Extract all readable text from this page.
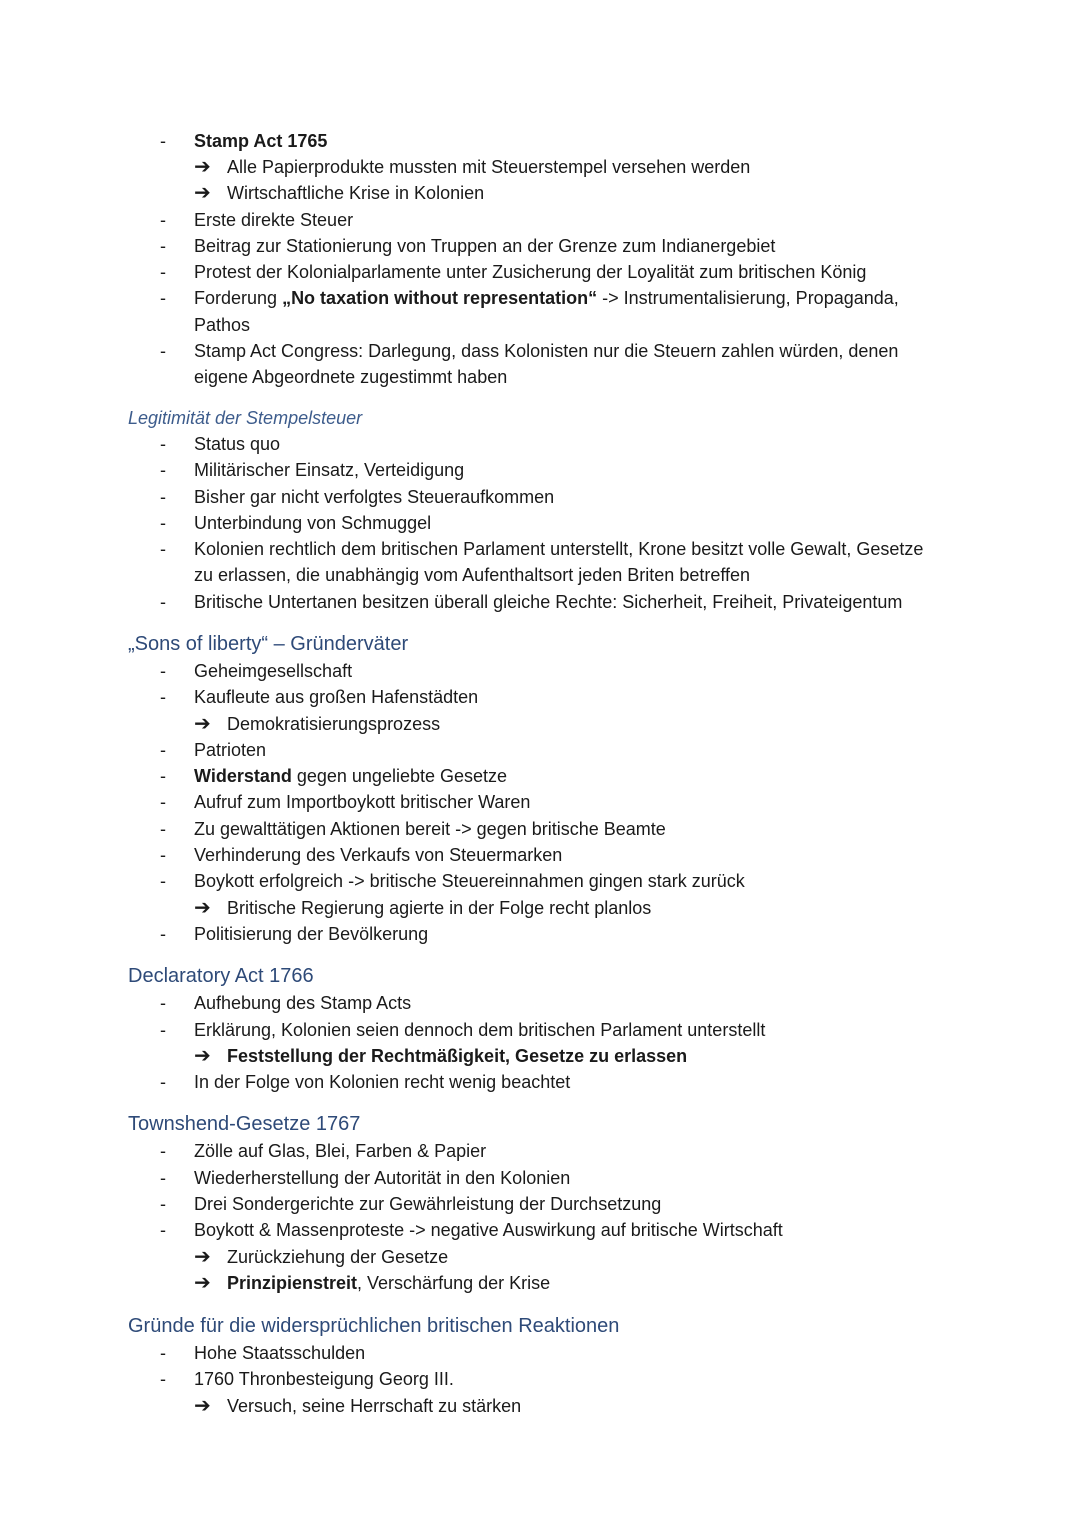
-	Stamp Act 1765
➔ Alle Papierprodukte mussten mit Steuerstempel versehen werden
➔ Wirtschaftliche Krise in Kolonien
-	Erste direkte Steuer
-	Beitrag zur Stationierung von Truppen an der Grenze zum Indianergebiet
-	Protest der Kolonialparlamente unter Zusicherung der Loyalität zum britischen König
-	Forderung „No taxation without representation“ -> Instrumentalisierung, Propaganda,
Pathos
-	Stamp Act Congress: Darlegung, dass Kolonisten nur die Steuern zahlen würden, denen
eigene Abgeordnete zugestimmt haben
Legitimität der Stempelsteuer
-	Status quo
-	Militärischer Einsatz, Verteidigung
-	Bisher gar nicht verfolgtes Steueraufkommen
-	Unterbindung von Schmuggel
-	Kolonien rechtlich dem britischen Parlament unterstellt, Krone besitzt volle Gewalt, Gesetze
zu erlassen, die unabhängig vom Aufenthaltsort jeden Briten betreffen
-	Britische Untertanen besitzen überall gleiche Rechte: Sicherheit, Freiheit, Privateigentum
„Sons of liberty“ – Gründerväter
-	Geheimgesellschaft
-	Kaufleute aus großen Hafenstädten
➔ Demokratisierungsprozess
-	Patrioten
-	Widerstand gegen ungeliebte Gesetze
-	Aufruf zum Importboykott britischer Waren
-	Zu gewalttätigen Aktionen bereit -> gegen britische Beamte
-	Verhinderung des Verkaufs von Steuermarken
-	Boykott erfolgreich -> britische Steuereinnahmen gingen stark zurück
➔ Britische Regierung agierte in der Folge recht planlos
-	Politisierung der Bevölkerung
Declaratory Act 1766
-	Aufhebung des Stamp Acts
-	Erklärung, Kolonien seien dennoch dem britischen Parlament unterstellt
➔ Feststellung der Rechtmäßigkeit, Gesetze zu erlassen
-	In der Folge von Kolonien recht wenig beachtet
Townshend-Gesetze 1767
-	Zölle auf Glas, Blei, Farben & Papier
-	Wiederherstellung der Autorität in den Kolonien
-	Drei Sondergerichte zur Gewährleistung der Durchsetzung
-	Boykott & Massenproteste -> negative Auswirkung auf britische Wirtschaft
➔ Zurückziehung der Gesetze
➔ Prinzipienstreit, Verschärfung der Krise
Gründe für die widersprüchlichen britischen Reaktionen
-	Hohe Staatsschulden
-	1760 Thronbesteigung Georg III.
➔ Versuch, seine Herrschaft zu stärken
